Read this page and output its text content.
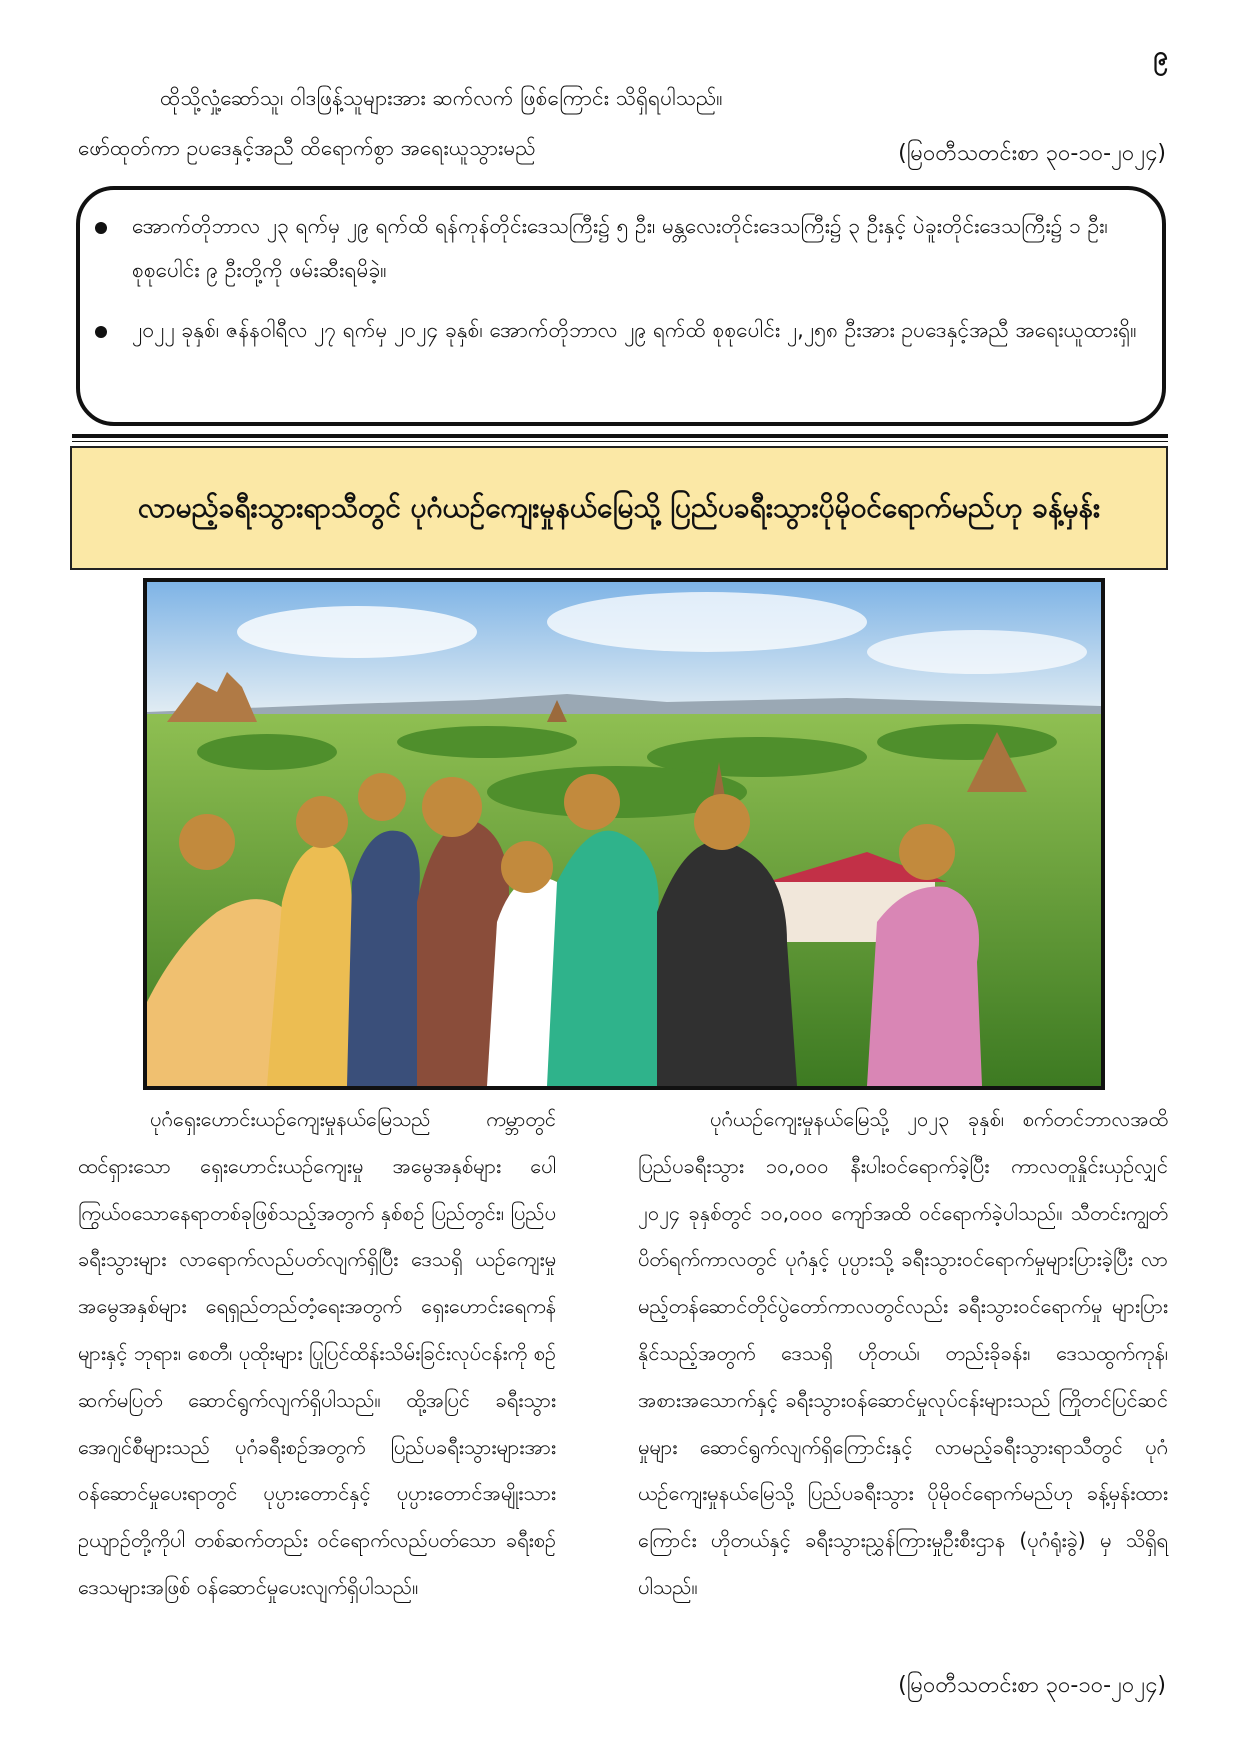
၉
ထိုသို့လှုံ့ဆော်သူ၊ ဝါဒဖြန့်သူများအား ဆက်လက် ဖြစ်ကြောင်း သိရှိရပါသည်။
ဖော်ထုတ်ကာ ဥပဒေနှင့်အညီ ထိရောက်စွာ အရေးယူသွားမည်	(မြဝတီသတင်းစာ ၃၀-၁၀-၂၀၂၄)
အောက်တိုဘာလ ၂၃ ရက်မှ ၂၉ ရက်ထိ ရန်ကုန်တိုင်းဒေသကြီး၌ ၅ ဦး၊ မန္တလေးတိုင်းဒေသကြီး၌ ၃ ဦးနှင့် ပဲခူးတိုင်းဒေသကြီး၌ ၁ ဦး၊ စုစုပေါင်း ၉ ဦးတို့ကို ဖမ်းဆီးရမိခဲ့။
၂၀၂၂ ခုနှစ်၊ ဇန်နဝါရီလ ၂၇ ရက်မှ ၂၀၂၄ ခုနှစ်၊ အောက်တိုဘာလ ၂၉ ရက်ထိ စုစုပေါင်း ၂,၂၅၈ ဦးအား ဥပဒေနှင့်အညီ အရေးယူထားရှိ။
လာမည့်ခရီးသွားရာသီတွင် ပုဂံယဉ်ကျေးမှုနယ်မြေသို့ ပြည်ပခရီးသွားပိုမိုဝင်ရောက်မည်ဟု ခန့်မှန်း

ပုဂံရှေးဟောင်းယဉ်ကျေးမှုနယ်မြေသည် ကမ္ဘာတွင် ထင်ရှားသော ရှေးဟောင်းယဉ်ကျေးမှု အမွေအနှစ်များ ပေါကြွယ်ဝသောနေရာတစ်ခုဖြစ်သည့်အတွက် နှစ်စဉ် ပြည်တွင်း၊ ပြည်ပခရီးသွားများ လာရောက်လည်ပတ်လျက်ရှိပြီး ဒေသရှိ ယဉ်ကျေးမှုအမွေအနှစ်များ ရေရှည်တည်တံ့ရေးအတွက် ရှေးဟောင်းရေကန်များနှင့် ဘုရား၊ စေတီ၊ ပုထိုးများ ပြုပြင်ထိန်းသိမ်းခြင်းလုပ်ငန်းကို စဉ်ဆက်မပြတ် ဆောင်ရွက်လျက်ရှိပါသည်။ ထို့အပြင် ခရီးသွားအေဂျင်စီများသည် ပုဂံခရီးစဉ်အတွက် ပြည်ပခရီးသွားများအား ဝန်ဆောင်မှုပေးရာတွင် ပုပ္ပားတောင်နှင့် ပုပ္ပားတောင်အမျိုးသားဥယျာဉ်တို့ကိုပါ တစ်ဆက်တည်း ဝင်ရောက်လည်ပတ်သော ခရီးစဉ်ဒေသများအဖြစ် ဝန်ဆောင်မှုပေးလျက်ရှိပါသည်။

ပုဂံယဉ်ကျေးမှုနယ်မြေသို့ ၂၀၂၃ ခုနှစ်၊ စက်တင်ဘာလအထိ ပြည်ပခရီးသွား ၁၀,၀၀၀ နီးပါးဝင်ရောက်ခဲ့ပြီး ကာလတူနှိုင်းယှဉ်လျှင် ၂၀၂၄ ခုနှစ်တွင် ၁၀,၀၀၀ ကျော်အထိ ဝင်ရောက်ခဲ့ပါသည်။ သီတင်းကျွတ်ပိတ်ရက်ကာလတွင် ပုဂံနှင့် ပုပ္ပားသို့ ခရီးသွားဝင်ရောက်မှုများပြားခဲ့ပြီး လာမည့်တန်ဆောင်တိုင်ပွဲတော်ကာလတွင်လည်း ခရီးသွားဝင်ရောက်မှု များပြားနိုင်သည့်အတွက် ဒေသရှိ ဟိုတယ်၊ တည်းခိုခန်း၊ ဒေသထွက်ကုန်၊ အစားအသောက်နှင့် ခရီးသွားဝန်ဆောင်မှုလုပ်ငန်းများသည် ကြိုတင်ပြင်ဆင်မှုများ ဆောင်ရွက်လျက်ရှိကြောင်းနှင့် လာမည့်ခရီးသွားရာသီတွင် ပုဂံယဉ်ကျေးမှုနယ်မြေသို့ ပြည်ပခရီးသွား ပိုမိုဝင်ရောက်မည်ဟု ခန့်မှန်းထားကြောင်း ဟိုတယ်နှင့် ခရီးသွားညွှန်ကြားမှုဦးစီးဌာန (ပုဂံရုံးခွဲ) မှ သိရှိရပါသည်။

(မြဝတီသတင်းစာ ၃၀-၁၀-၂၀၂၄)
